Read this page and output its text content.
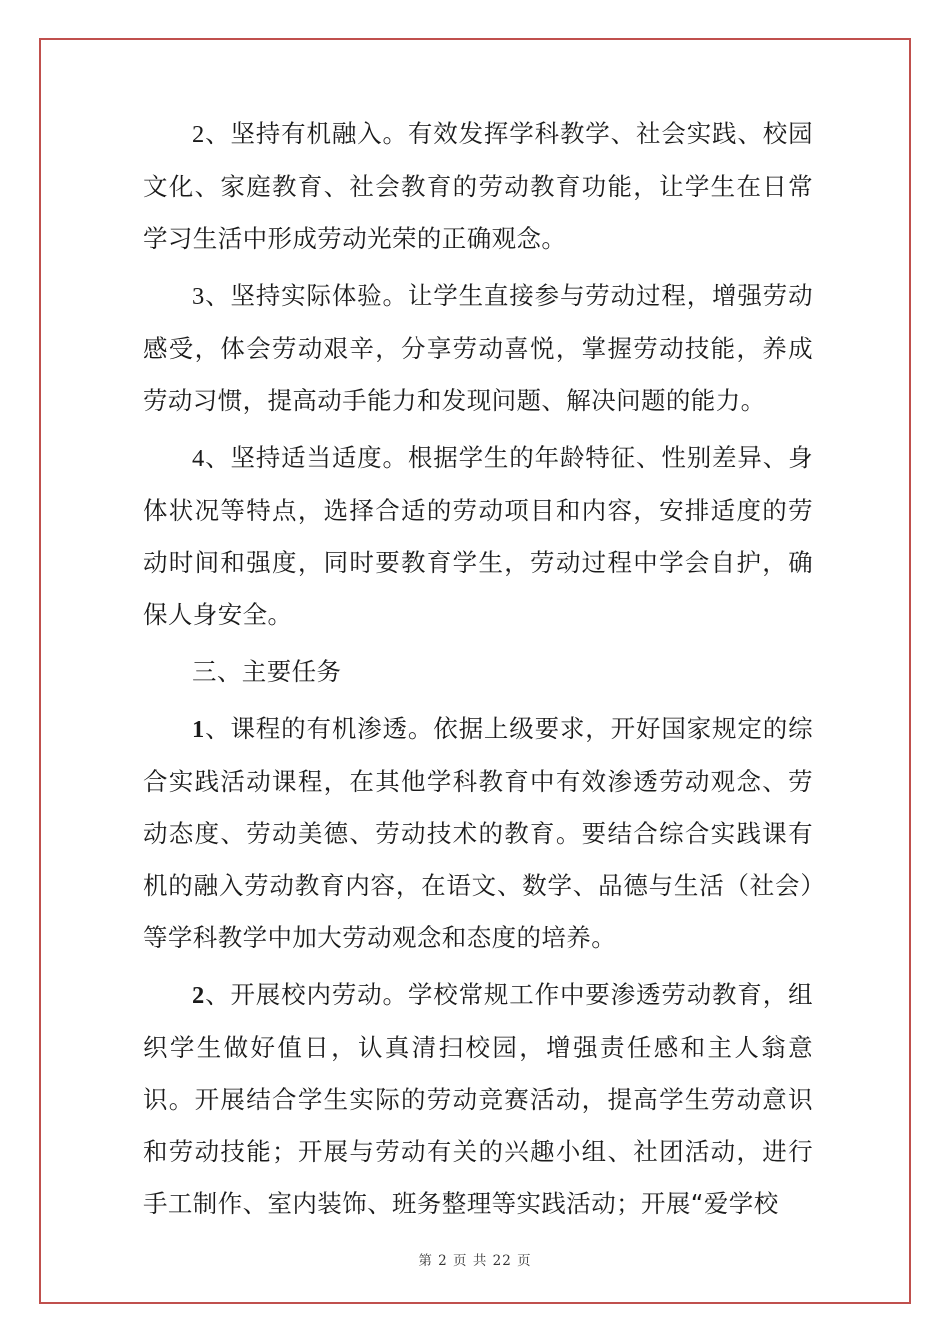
2、坚持有机融入。有效发挥学科教学、社会实践、校园文化、家庭教育、社会教育的劳动教育功能，让学生在日常学习生活中形成劳动光荣的正确观念。

3、坚持实际体验。让学生直接参与劳动过程，增强劳动感受，体会劳动艰辛，分享劳动喜悦，掌握劳动技能，养成劳动习惯，提高动手能力和发现问题、解决问题的能力。

4、坚持适当适度。根据学生的年龄特征、性别差异、身体状况等特点，选择合适的劳动项目和内容，安排适度的劳动时间和强度，同时要教育学生，劳动过程中学会自护，确保人身安全。

三、主要任务

1、课程的有机渗透。依据上级要求，开好国家规定的综合实践活动课程，在其他学科教育中有效渗透劳动观念、劳动态度、劳动美德、劳动技术的教育。要结合综合实践课有机的融入劳动教育内容，在语文、数学、品德与生活（社会）等学科教学中加大劳动观念和态度的培养。

2、开展校内劳动。学校常规工作中要渗透劳动教育，组织学生做好值日，认真清扫校园，增强责任感和主人翁意识。开展结合学生实际的劳动竞赛活动，提高学生劳动意识和劳动技能；开展与劳动有关的兴趣小组、社团活动，进行手工制作、室内装饰、班务整理等实践活动；开展“爱学校

第 2 页 共 22 页
